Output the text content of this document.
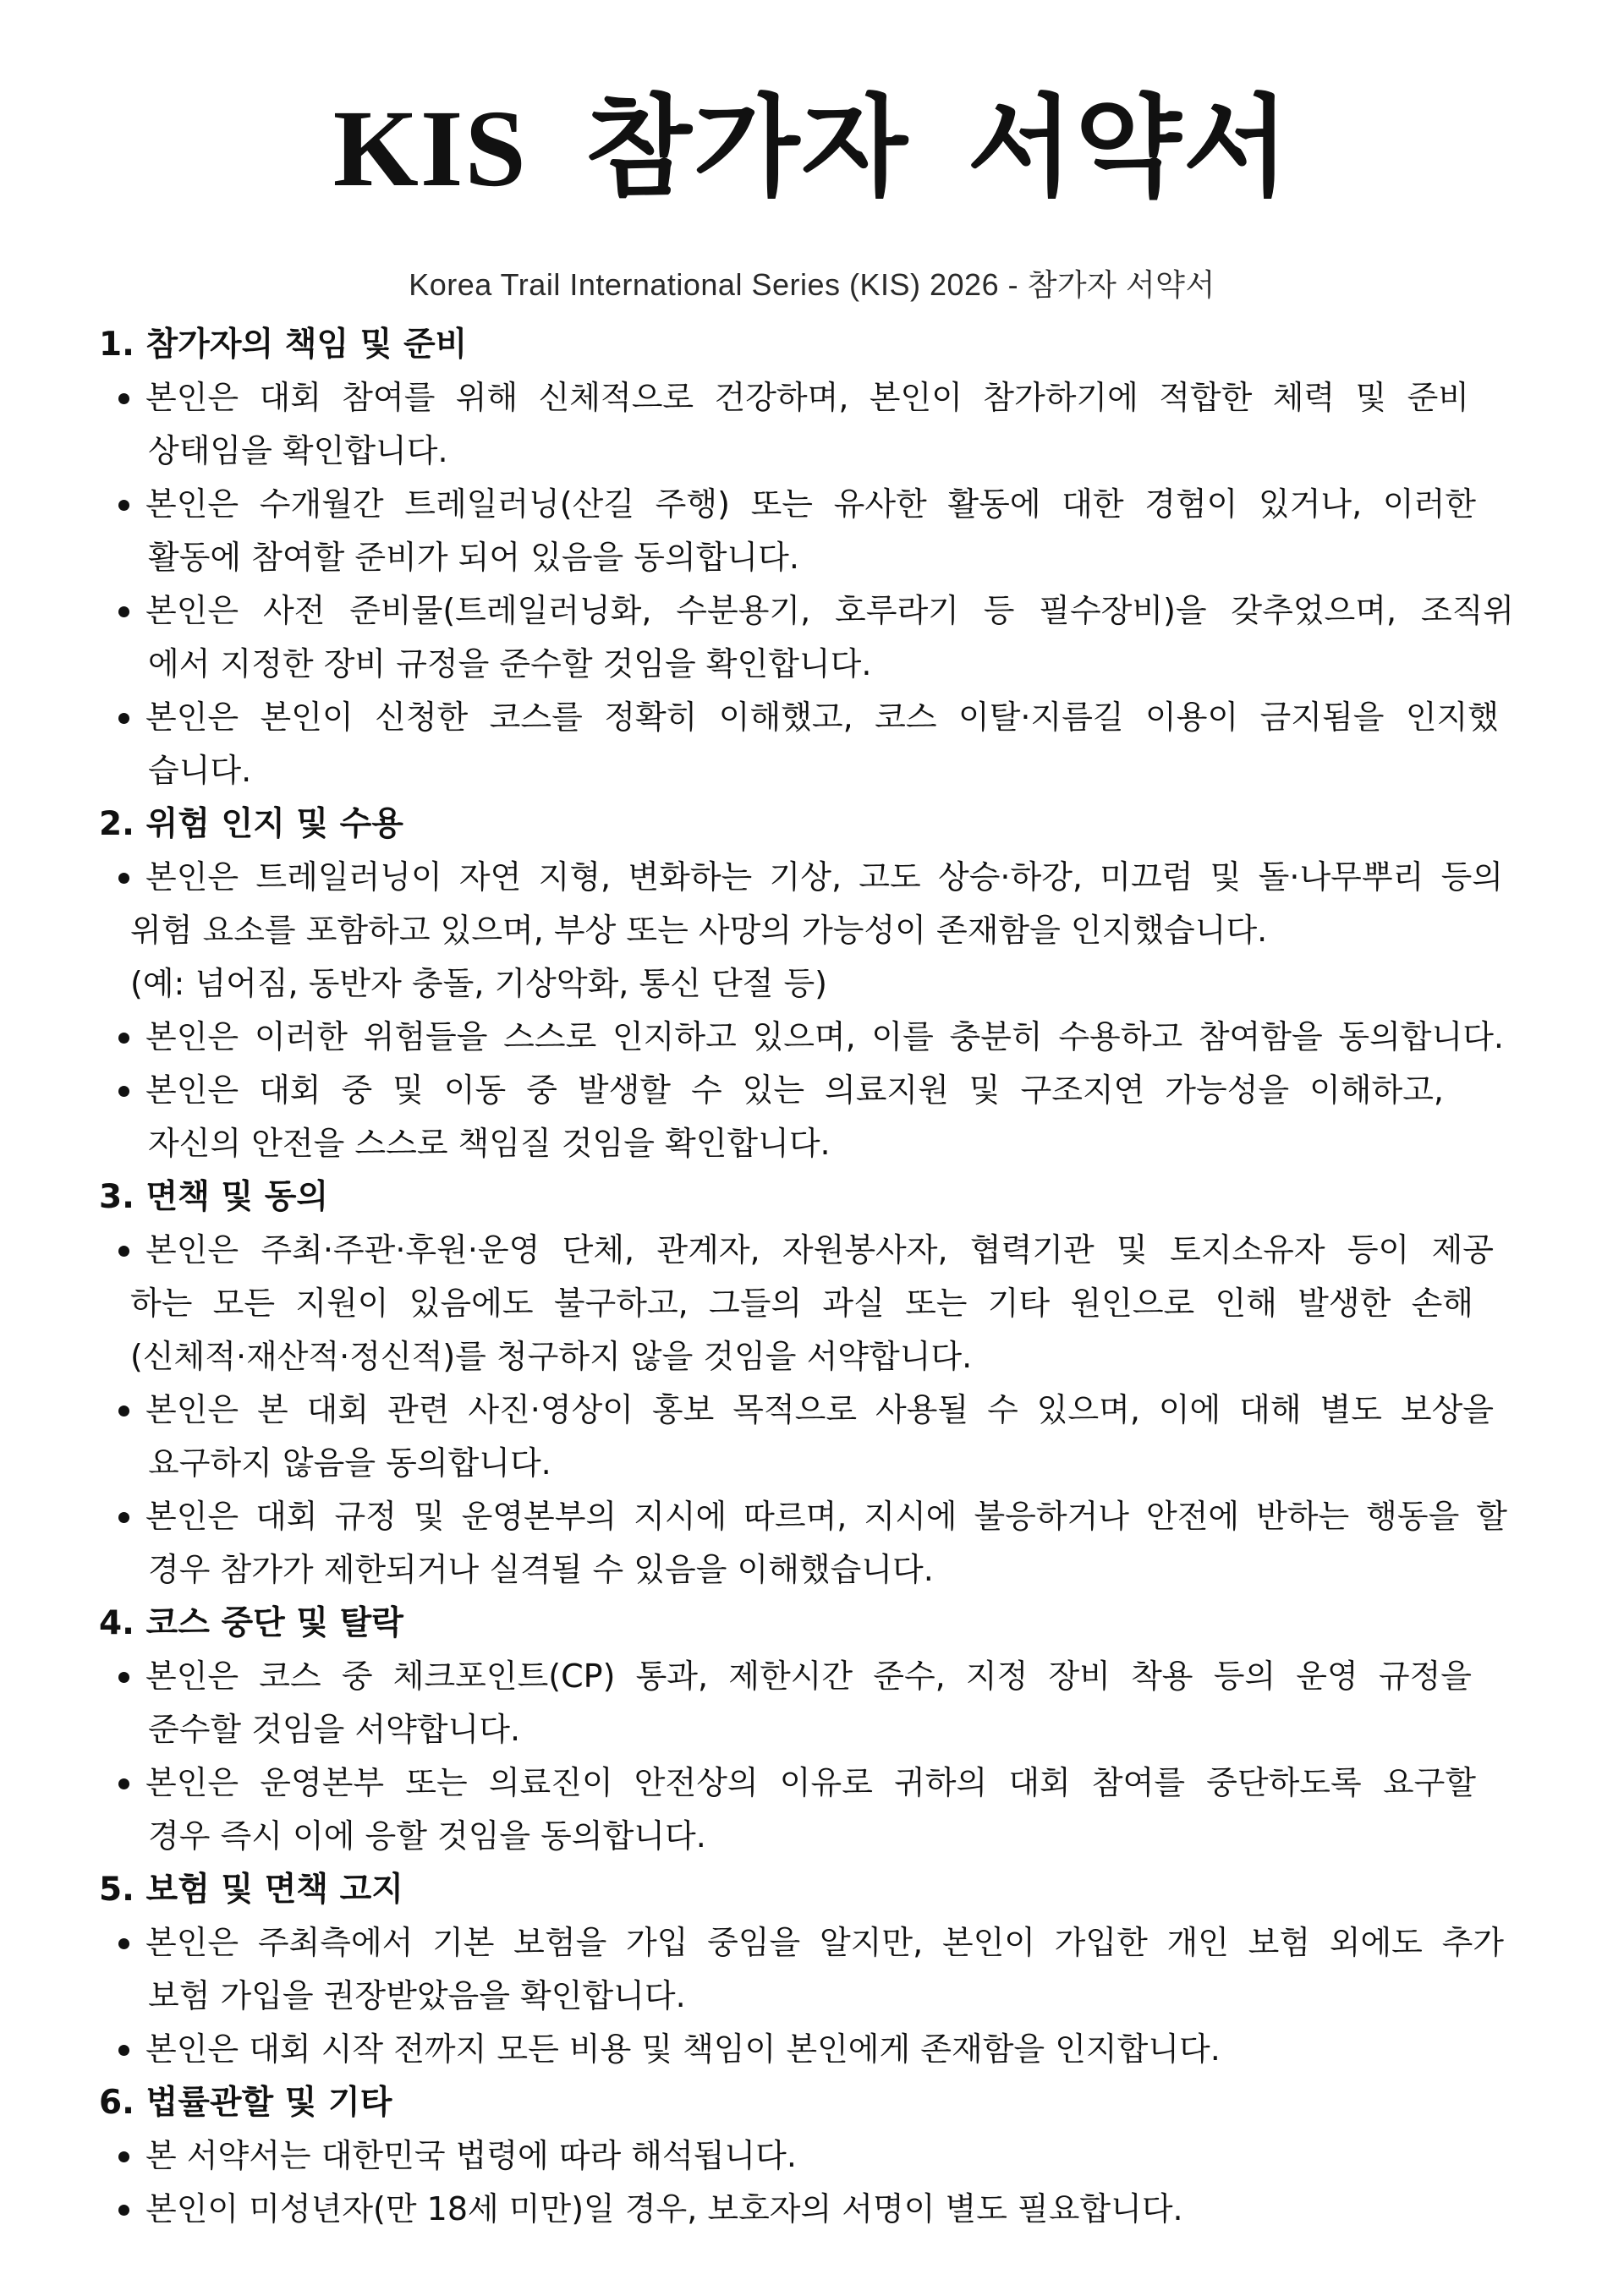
KIS 참가자 서약서
Korea Trail International Series (KIS) 2026 - 참가자 서약서
1. 참가자의 책임 및 준비
본인은 대회 참여를 위해 신체적으로 건강하며, 본인이 참가하기에 적합한 체력 및 준비
상태임을 확인합니다.
본인은 수개월간 트레일러닝(산길 주행) 또는 유사한 활동에 대한 경험이 있거나, 이러한
활동에 참여할 준비가 되어 있음을 동의합니다.
본인은 사전 준비물(트레일러닝화, 수분용기, 호루라기 등 필수장비)을 갖추었으며, 조직위
에서 지정한 장비 규정을 준수할 것임을 확인합니다.
본인은 본인이 신청한 코스를 정확히 이해했고, 코스 이탈·지름길 이용이 금지됨을 인지했
습니다.
2. 위험 인지 및 수용
본인은 트레일러닝이 자연 지형, 변화하는 기상, 고도 상승·하강, 미끄럼 및 돌·나무뿌리 등의
위험 요소를 포함하고 있으며, 부상 또는 사망의 가능성이 존재함을 인지했습니다.
(예: 넘어짐, 동반자 충돌, 기상악화, 통신 단절 등)
본인은 이러한 위험들을 스스로 인지하고 있으며, 이를 충분히 수용하고 참여함을 동의합니다.
본인은 대회 중 및 이동 중 발생할 수 있는 의료지원 및 구조지연 가능성을 이해하고,
자신의 안전을 스스로 책임질 것임을 확인합니다.
3. 면책 및 동의
본인은 주최·주관·후원·운영 단체, 관계자, 자원봉사자, 협력기관 및 토지소유자 등이 제공
하는 모든 지원이 있음에도 불구하고, 그들의 과실 또는 기타 원인으로 인해 발생한 손해
(신체적·재산적·정신적)를 청구하지 않을 것임을 서약합니다.
본인은 본 대회 관련 사진·영상이 홍보 목적으로 사용될 수 있으며, 이에 대해 별도 보상을
요구하지 않음을 동의합니다.
본인은 대회 규정 및 운영본부의 지시에 따르며, 지시에 불응하거나 안전에 반하는 행동을 할
경우 참가가 제한되거나 실격될 수 있음을 이해했습니다.
4. 코스 중단 및 탈락
본인은 코스 중 체크포인트(CP) 통과, 제한시간 준수, 지정 장비 착용 등의 운영 규정을
준수할 것임을 서약합니다.
본인은 운영본부 또는 의료진이 안전상의 이유로 귀하의 대회 참여를 중단하도록 요구할
경우 즉시 이에 응할 것임을 동의합니다.
5. 보험 및 면책 고지
본인은 주최측에서 기본 보험을 가입 중임을 알지만, 본인이 가입한 개인 보험 외에도 추가
보험 가입을 권장받았음을 확인합니다.
본인은 대회 시작 전까지 모든 비용 및 책임이 본인에게 존재함을 인지합니다.
6. 법률관할 및 기타
본 서약서는 대한민국 법령에 따라 해석됩니다.
본인이 미성년자(만 18세 미만)일 경우, 보호자의 서명이 별도 필요합니다.
